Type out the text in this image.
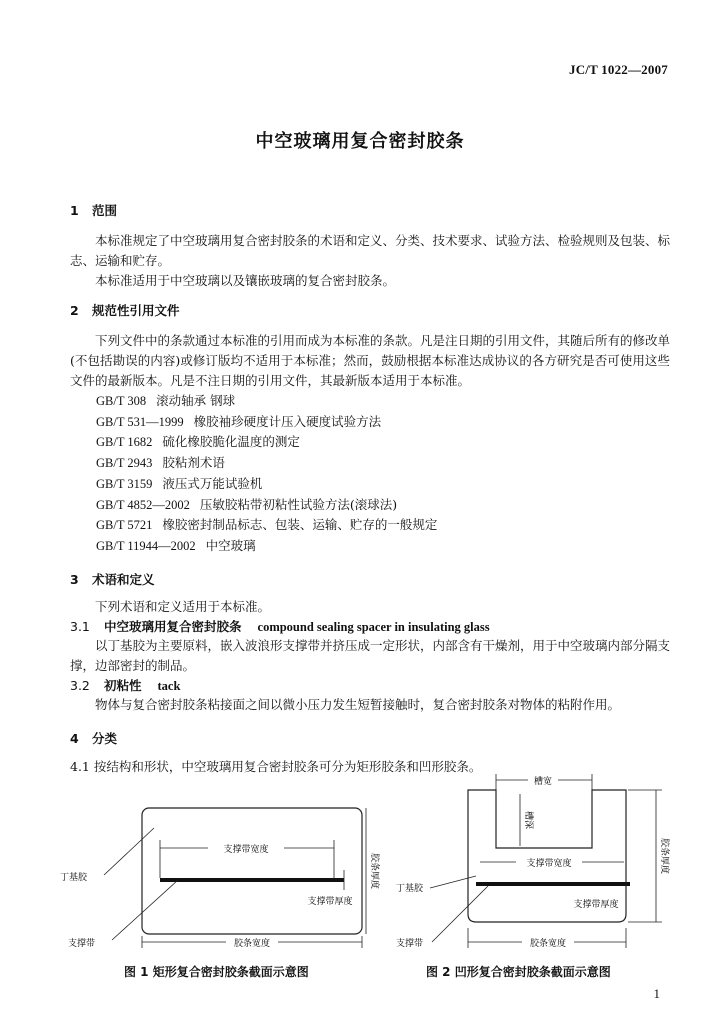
JC/T 1022—2007
中空玻璃用复合密封胶条
1 范围
本标准规定了中空玻璃用复合密封胶条的术语和定义、分类、技术要求、试验方法、检验规则及包装、标志、运输和贮存。
本标准适用于中空玻璃以及镶嵌玻璃的复合密封胶条。
2 规范性引用文件
下列文件中的条款通过本标准的引用而成为本标准的条款。凡是注日期的引用文件，其随后所有的修改单(不包括勘误的内容)或修订版均不适用于本标准；然而，鼓励根据本标准达成协议的各方研究是否可使用这些文件的最新版本。凡是不注日期的引用文件，其最新版本适用于本标准。
GB/T 308 滚动轴承 钢球
GB/T 531—1999 橡胶袖珍硬度计压入硬度试验方法
GB/T 1682 硫化橡胶脆化温度的测定
GB/T 2943 胶粘剂术语
GB/T 3159 液压式万能试验机
GB/T 4852—2002 压敏胶粘带初粘性试验方法(滚球法)
GB/T 5721 橡胶密封制品标志、包装、运输、贮存的一般规定
GB/T 11944—2002 中空玻璃
3 术语和定义
下列术语和定义适用于本标准。
3.1 中空玻璃用复合密封胶条 compound sealing spacer in insulating glass
以丁基胶为主要原料，嵌入波浪形支撑带并挤压成一定形状，内部含有干燥剂，用于中空玻璃内部分隔支撑，边部密封的制品。
3.2 初粘性 tack
物体与复合密封胶条粘接面之间以微小压力发生短暂接触时，复合密封胶条对物体的粘附作用。
4 分类
4.1 按结构和形状，中空玻璃用复合密封胶条可分为矩形胶条和凹形胶条。
支撑带宽度
支撑带厚度
胶条厚度
胶条宽度
丁基胶
支撑带
图 1 矩形复合密封胶条截面示意图
槽宽
槽深
支撑带宽度
支撑带厚度
胶条厚度
胶条宽度
丁基胶
支撑带
图 2 凹形复合密封胶条截面示意图
1
